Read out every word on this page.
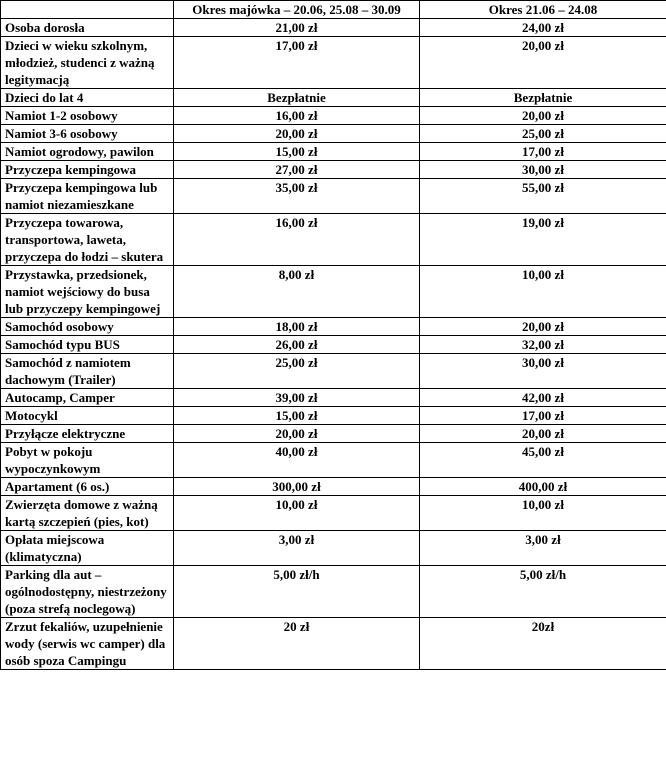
	Okres majówka – 20.06, 25.08 – 30.09	Okres 21.06 – 24.08
Osoba dorosła	21,00 zł	24,00 zł
Dzieci w wieku szkolnym, młodzież, studenci z ważną legitymacją	17,00 zł	20,00 zł
Dzieci do lat 4	Bezpłatnie	Bezpłatnie
Namiot 1-2 osobowy	16,00 zł	20,00 zł
Namiot 3-6 osobowy	20,00 zł	25,00 zł
Namiot ogrodowy, pawilon	15,00 zł	17,00 zł
Przyczepa kempingowa	27,00 zł	30,00 zł
Przyczepa kempingowa lub namiot niezamieszkane	35,00 zł	55,00 zł
Przyczepa towarowa, transportowa, laweta, przyczepa do łodzi – skutera	16,00 zł	19,00 zł
Przystawka, przedsionek, namiot wejściowy do busa lub przyczepy kempingowej	8,00 zł	10,00 zł
Samochód osobowy	18,00 zł	20,00 zł
Samochód typu BUS	26,00 zł	32,00 zł
Samochód z namiotem dachowym (Trailer)	25,00 zł	30,00 zł
Autocamp, Camper	39,00 zł	42,00 zł
Motocykl	15,00 zł	17,00 zł
Przyłącze elektryczne	20,00 zł	20,00 zł
Pobyt w pokoju wypoczynkowym	40,00 zł	45,00 zł
Apartament (6 os.)	300,00 zł	400,00 zł
Zwierzęta domowe z ważną kartą szczepień (pies, kot)	10,00 zł	10,00 zł
Opłata miejscowa (klimatyczna)	3,00 zł	3,00 zł
Parking dla aut – ogólnodostępny, niestrzeżony (poza strefą noclegową)	5,00 zł/h	5,00 zł/h
Zrzut fekaliów, uzupełnienie wody (serwis wc camper) dla osób spoza Campingu	20 zł	20zł
